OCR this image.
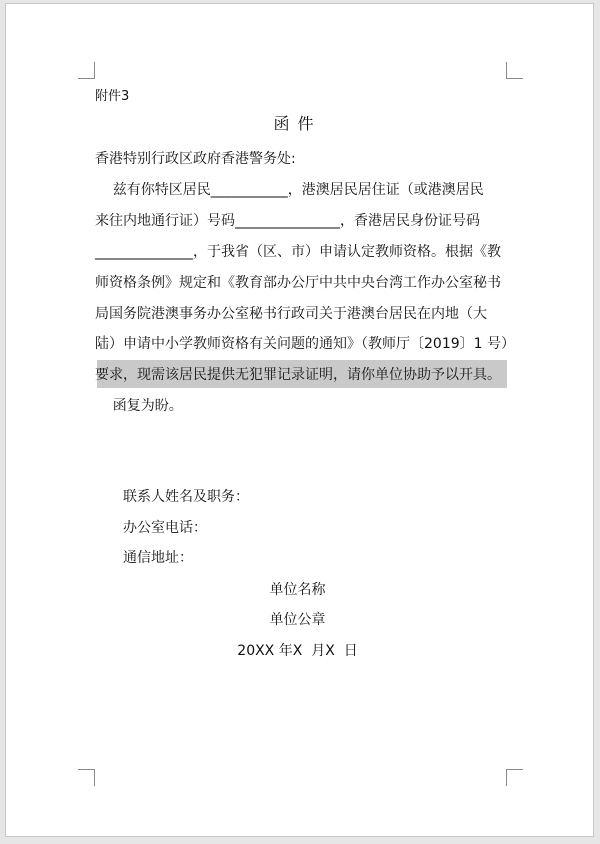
附件3
函件
香港特别行政区政府香港警务处:
兹有你特区居民___________，港澳居民居住证（或港澳居民
来往内地通行证）号码_______________，香港居民身份证号码
______________，于我省（区、市）申请认定教师资格。根据《教
师资格条例》规定和《教育部办公厅中共中央台湾工作办公室秘书
局国务院港澳事务办公室秘书行政司关于港澳台居民在内地（大
陆）申请中小学教师资格有关问题的通知》（教师厅〔2019〕1 号）
要求，现需该居民提供无犯罪记录证明，请你单位协助予以开具。
函复为盼。
联系人姓名及职务：
办公室电话：
通信地址：
单位名称
单位公章
20XX 年X  月X  日
